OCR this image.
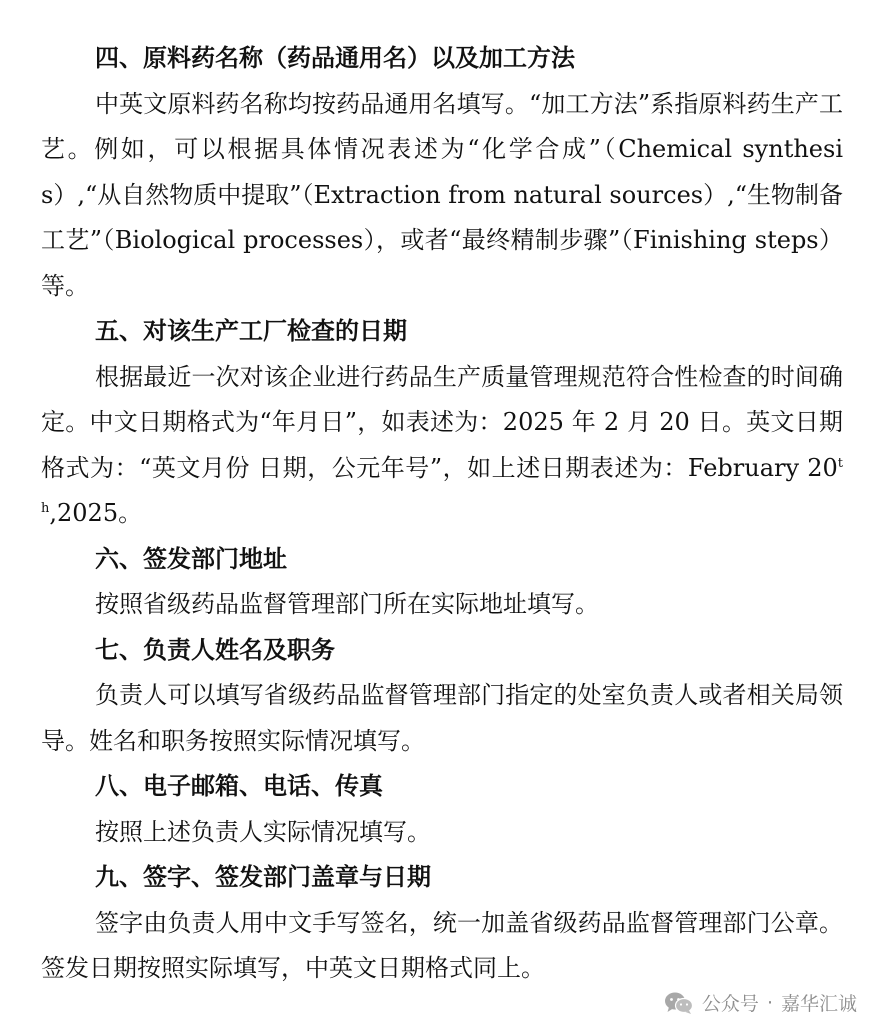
四、原料药名称（药品通用名）以及加工方法

中英文原料药名称均按药品通用名填写。“加工方法”系指原料药生产工艺。例如，可以根据具体情况表述为“化学合成”（Chemical synthesis）,“从自然物质中提取”（Extraction from natural sources）,“生物制备工艺”（Biological processes），或者“最终精制步骤”（Finishing steps）等。

五、对该生产工厂检查的日期

根据最近一次对该企业进行药品生产质量管理规范符合性检查的时间确定。中文日期格式为“年月日”，如表述为：2025 年 2 月 20 日。英文日期格式为：“英文月份 日期，公元年号”，如上述日期表述为：February 20th,2025。

六、签发部门地址

按照省级药品监督管理部门所在实际地址填写。

七、负责人姓名及职务

负责人可以填写省级药品监督管理部门指定的处室负责人或者相关局领导。姓名和职务按照实际情况填写。

八、电子邮箱、电话、传真

按照上述负责人实际情况填写。

九、签字、签发部门盖章与日期

签字由负责人用中文手写签名，统一加盖省级药品监督管理部门公章。签发日期按照实际填写，中英文日期格式同上。

公众号 · 嘉华汇诚
